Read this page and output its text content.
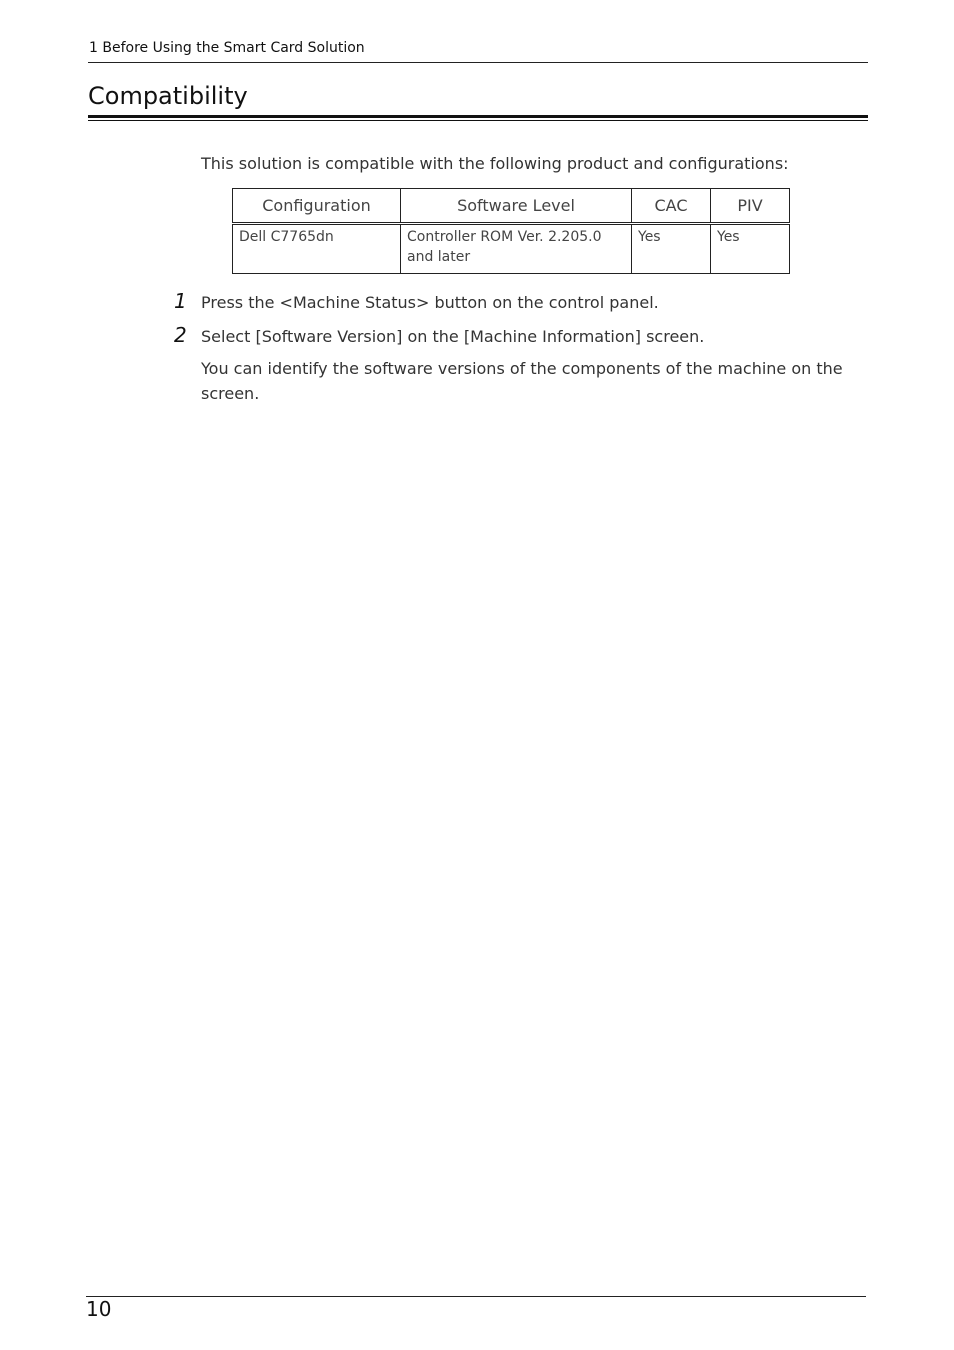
1 Before Using the Smart Card Solution
Compatibility

This solution is compatible with the following product and configurations:

Configuration	Software Level	CAC	PIV
Dell C7765dn	Controller ROM Ver. 2.205.0 and later	Yes	Yes
1 Press the <Machine Status> button on the control panel.
2 Select [Software Version] on the [Machine Information] screen.
You can identify the software versions of the components of the machine on the screen.
10
